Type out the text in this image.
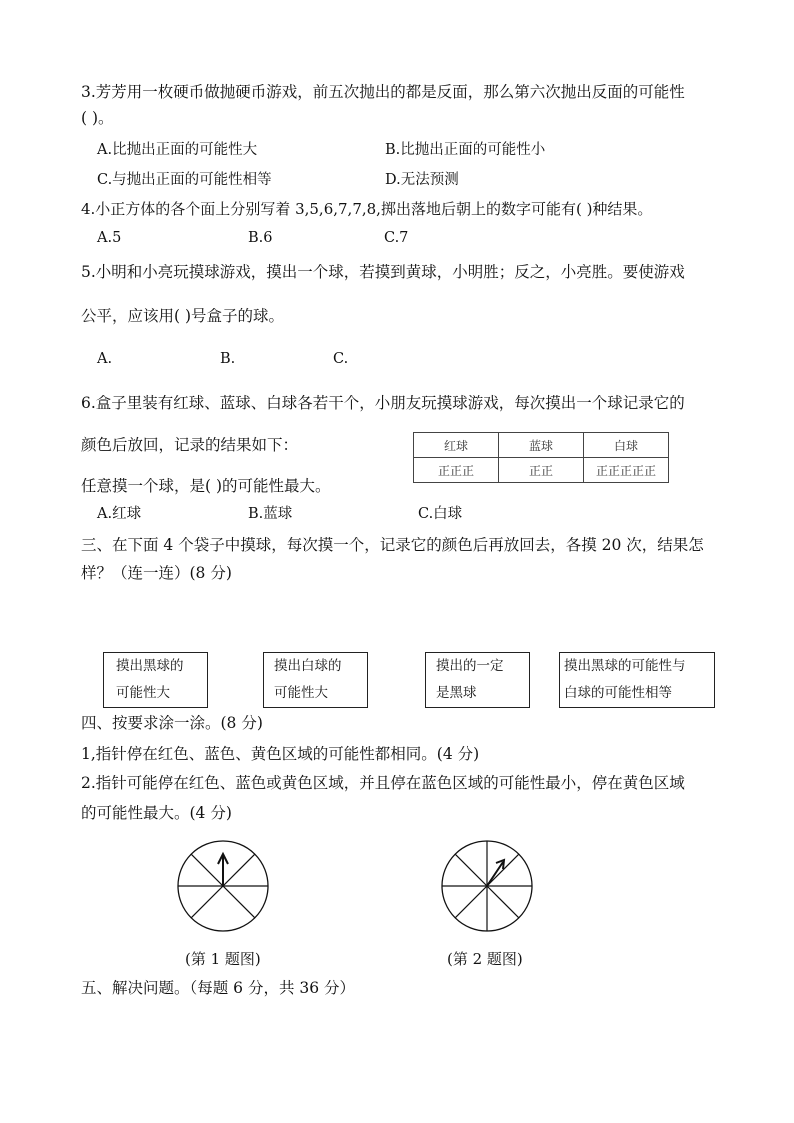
3.芳芳用一枚硬币做抛硬币游戏，前五次抛出的都是反面，那么第六次抛出反面的可能性
( )。
A.比抛出正面的可能性大	B.比抛出正面的可能性小
C.与抛出正面的可能性相等	D.无法预测
4.小正方体的各个面上分别写着 3,5,6,7,7,8,掷出落地后朝上的数字可能有( )种结果。
A.5	B.6	C.7
5.小明和小亮玩摸球游戏，摸出一个球，若摸到黄球，小明胜；反之，小亮胜。要使游戏
公平，应该用( )号盒子的球。
A.	B.	C.
6.盒子里装有红球、蓝球、白球各若干个，小朋友玩摸球游戏，每次摸出一个球记录它的
颜色后放回，记录的结果如下：	红球	蓝球	白球
正正正	正正	正正正正正
任意摸一个球，是( )的可能性最大。
A.红球	B.蓝球	C.白球
三、在下面 4 个袋子中摸球，每次摸一个，记录它的颜色后再放回去，各摸 20 次，结果怎
样？（连一连）(8 分)
摸出黑球的
可能性大
摸出白球的
可能性大
摸出的一定
是黑球
摸出黑球的可能性与
白球的可能性相等
四、按要求涂一涂。(8 分)
1,指针停在红色、蓝色、黄色区域的可能性都相同。(4 分)
2.指针可能停在红色、蓝色或黄色区域，并且停在蓝色区域的可能性最小，停在黄色区域
的可能性最大。(4 分)
(第 1 题图)	(第 2 题图)
五、解决问题。（每题 6 分，共 36 分）
